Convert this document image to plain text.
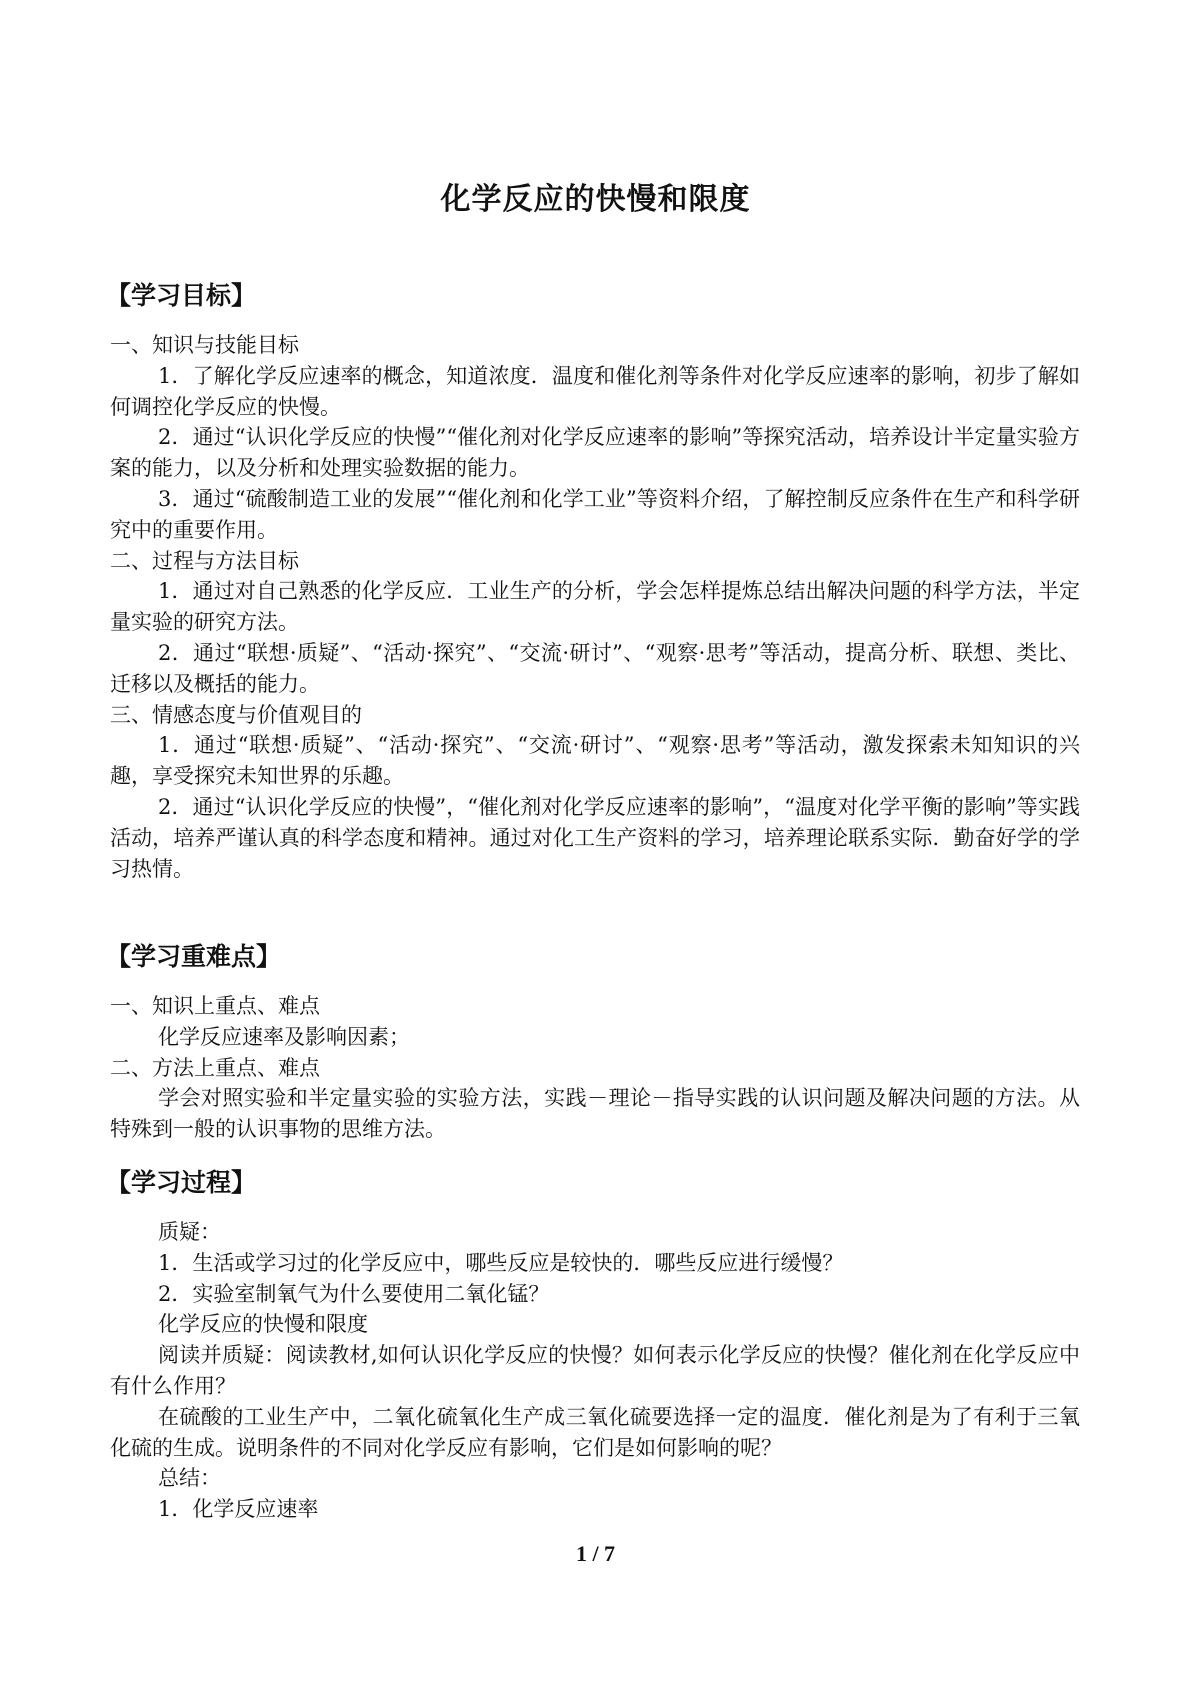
化学反应的快慢和限度
【学习目标】
一、知识与技能目标
1．了解化学反应速率的概念，知道浓度．温度和催化剂等条件对化学反应速率的影响，初步了解如何调控化学反应的快慢。
2．通过“认识化学反应的快慢”“催化剂对化学反应速率的影响”等探究活动，培养设计半定量实验方案的能力，以及分析和处理实验数据的能力。
3．通过“硫酸制造工业的发展”“催化剂和化学工业”等资料介绍，了解控制反应条件在生产和科学研究中的重要作用。
二、过程与方法目标
1．通过对自己熟悉的化学反应．工业生产的分析，学会怎样提炼总结出解决问题的科学方法，半定量实验的研究方法。
2．通过“联想·质疑”、“活动·探究”、“交流·研讨”、“观察·思考”等活动，提高分析、联想、类比、迁移以及概括的能力。
三、情感态度与价值观目的
1．通过“联想·质疑”、“活动·探究”、“交流·研讨”、“观察·思考”等活动，激发探索未知知识的兴趣，享受探究未知世界的乐趣。
2．通过“认识化学反应的快慢”，“催化剂对化学反应速率的影响”，“温度对化学平衡的影响”等实践活动，培养严谨认真的科学态度和精神。通过对化工生产资料的学习，培养理论联系实际．勤奋好学的学习热情。
【学习重难点】
一、知识上重点、难点
化学反应速率及影响因素；
二、方法上重点、难点
学会对照实验和半定量实验的实验方法，实践－理论－指导实践的认识问题及解决问题的方法。从特殊到一般的认识事物的思维方法。
【学习过程】
质疑：
1．生活或学习过的化学反应中，哪些反应是较快的．哪些反应进行缓慢？
2．实验室制氧气为什么要使用二氧化锰？
化学反应的快慢和限度
阅读并质疑：阅读教材,如何认识化学反应的快慢？如何表示化学反应的快慢？催化剂在化学反应中有什么作用？
在硫酸的工业生产中，二氧化硫氧化生产成三氧化硫要选择一定的温度．催化剂是为了有利于三氧化硫的生成。说明条件的不同对化学反应有影响，它们是如何影响的呢？
总结：
1．化学反应速率
1 / 7
